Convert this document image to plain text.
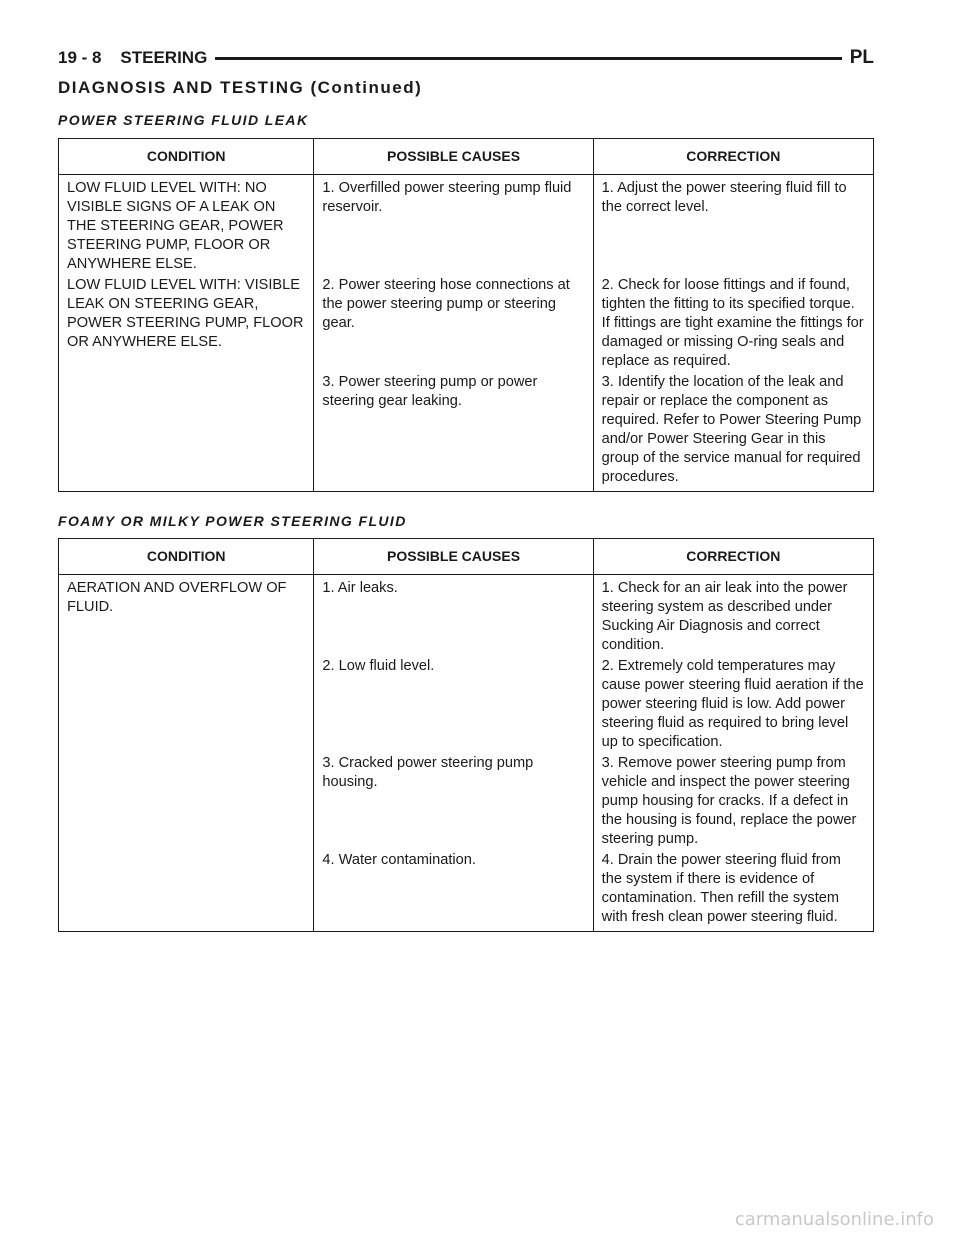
19 - 8 STEERING	PL
DIAGNOSIS AND TESTING (Continued)
POWER STEERING FLUID LEAK
CONDITION	POSSIBLE CAUSES	CORRECTION
LOW FLUID LEVEL WITH: NO VISIBLE SIGNS OF A LEAK ON THE STEERING GEAR, POWER STEERING PUMP, FLOOR OR ANYWHERE ELSE.	1. Overfilled power steering pump fluid reservoir.	1. Adjust the power steering fluid fill to the correct level.
LOW FLUID LEVEL WITH: VISIBLE LEAK ON STEERING GEAR, POWER STEERING PUMP, FLOOR OR ANYWHERE ELSE.	2. Power steering hose connections at the power steering pump or steering gear.	2. Check for loose fittings and if found, tighten the fitting to its specified torque. If fittings are tight examine the fittings for damaged or missing O-ring seals and replace as required.
	3. Power steering pump or power steering gear leaking.	3. Identify the location of the leak and repair or replace the component as required. Refer to Power Steering Pump and/or Power Steering Gear in this group of the service manual for required procedures.
FOAMY OR MILKY POWER STEERING FLUID
CONDITION	POSSIBLE CAUSES	CORRECTION
AERATION AND OVERFLOW OF FLUID.	1. Air leaks.	1. Check for an air leak into the power steering system as described under Sucking Air Diagnosis and correct condition.
	2. Low fluid level.	2. Extremely cold temperatures may cause power steering fluid aeration if the power steering fluid is low. Add power steering fluid as required to bring level up to specification.
	3. Cracked power steering pump housing.	3. Remove power steering pump from vehicle and inspect the power steering pump housing for cracks. If a defect in the housing is found, replace the power steering pump.
	4. Water contamination.	4. Drain the power steering fluid from the system if there is evidence of contamination. Then refill the system with fresh clean power steering fluid.
carmanualsonline.info
